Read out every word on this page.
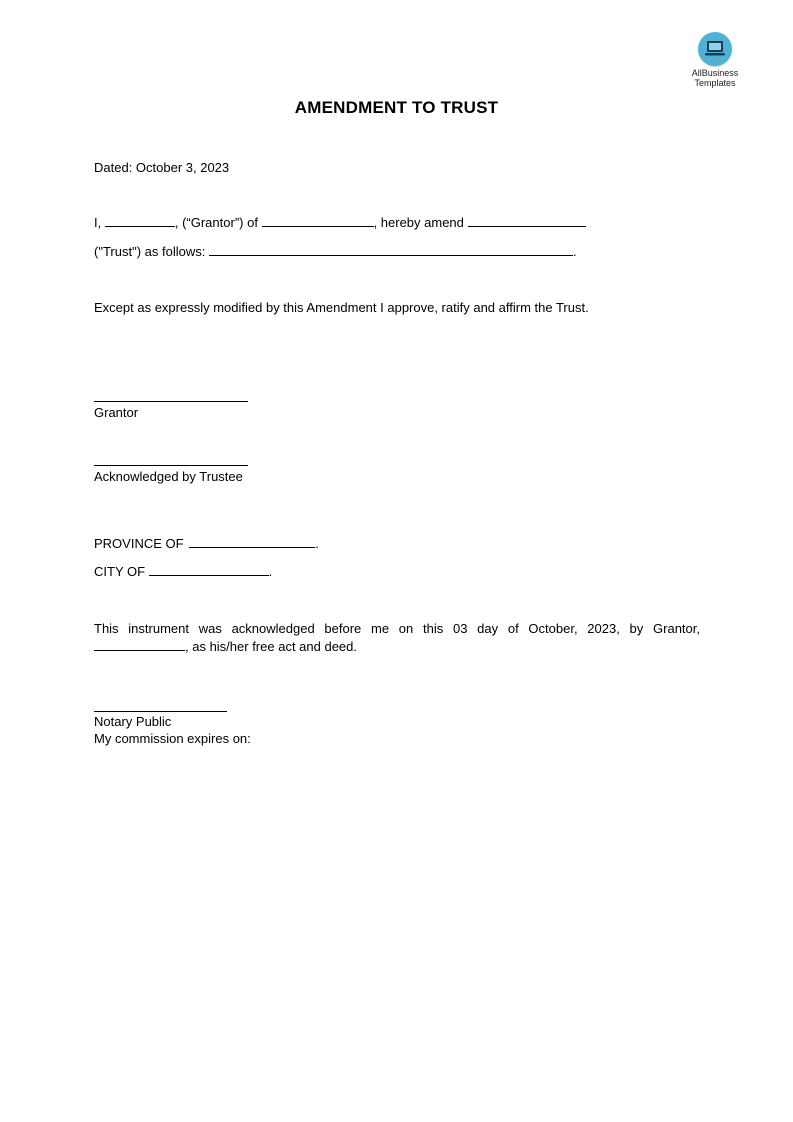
AllBusiness
Templates
AMENDMENT TO TRUST
Dated: October 3, 2023
I,	, (“Grantor”) of	, hereby amend
("Trust") as follows:	.
Except as expressly modified by this Amendment I approve, ratify and affirm the Trust.
Grantor
Acknowledged by Trustee
PROVINCE OF	.
CITY OF	.
This instrument was acknowledged before me on this 03 day of October, 2023, by Grantor,
, as his/her free act and deed.
Notary Public
My commission expires on:
